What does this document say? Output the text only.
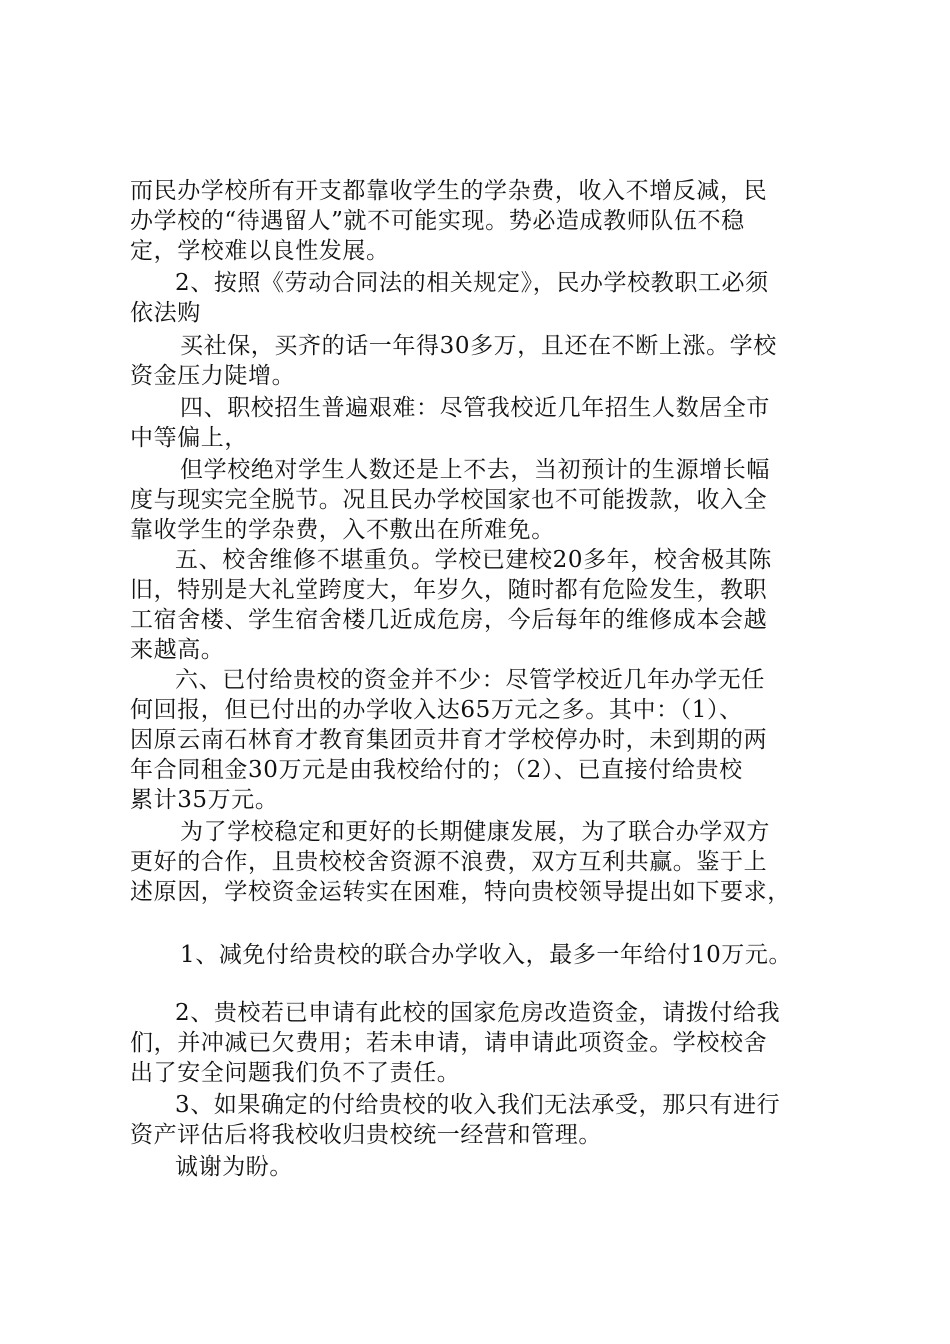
而民办学校所有开支都靠收学生的学杂费，收入不增反减，民
办学校的“待遇留人”就不可能实现。势必造成教师队伍不稳
定，学校难以良性发展。
2、按照《劳动合同法的相关规定》，民办学校教职工必须
依法购
买社保，买齐的话一年得30多万，且还在不断上涨。学校
资金压力陡增。
四、职校招生普遍艰难：尽管我校近几年招生人数居全市
中等偏上，
但学校绝对学生人数还是上不去，当初预计的生源增长幅
度与现实完全脱节。况且民办学校国家也不可能拨款，收入全
靠收学生的学杂费，入不敷出在所难免。
五、校舍维修不堪重负。学校已建校20多年，校舍极其陈
旧，特别是大礼堂跨度大，年岁久，随时都有危险发生，教职
工宿舍楼、学生宿舍楼几近成危房，今后每年的维修成本会越
来越高。
六、已付给贵校的资金并不少：尽管学校近几年办学无任
何回报，但已付出的办学收入达65万元之多。其中：（1）、
因原云南石林育才教育集团贡井育才学校停办时，未到期的两
年合同租金30万元是由我校给付的；（2）、已直接付给贵校
累计35万元。
为了学校稳定和更好的长期健康发展，为了联合办学双方
更好的合作，且贵校校舍资源不浪费，双方互利共赢。鉴于上
述原因，学校资金运转实在困难，特向贵校领导提出如下要求，
1、减免付给贵校的联合办学收入，最多一年给付10万元。
2、贵校若已申请有此校的国家危房改造资金，请拨付给我
们，并冲减已欠费用；若未申请，请申请此项资金。学校校舍
出了安全问题我们负不了责任。
3、如果确定的付给贵校的收入我们无法承受，那只有进行
资产评估后将我校收归贵校统一经营和管理。
诚谢为盼。
